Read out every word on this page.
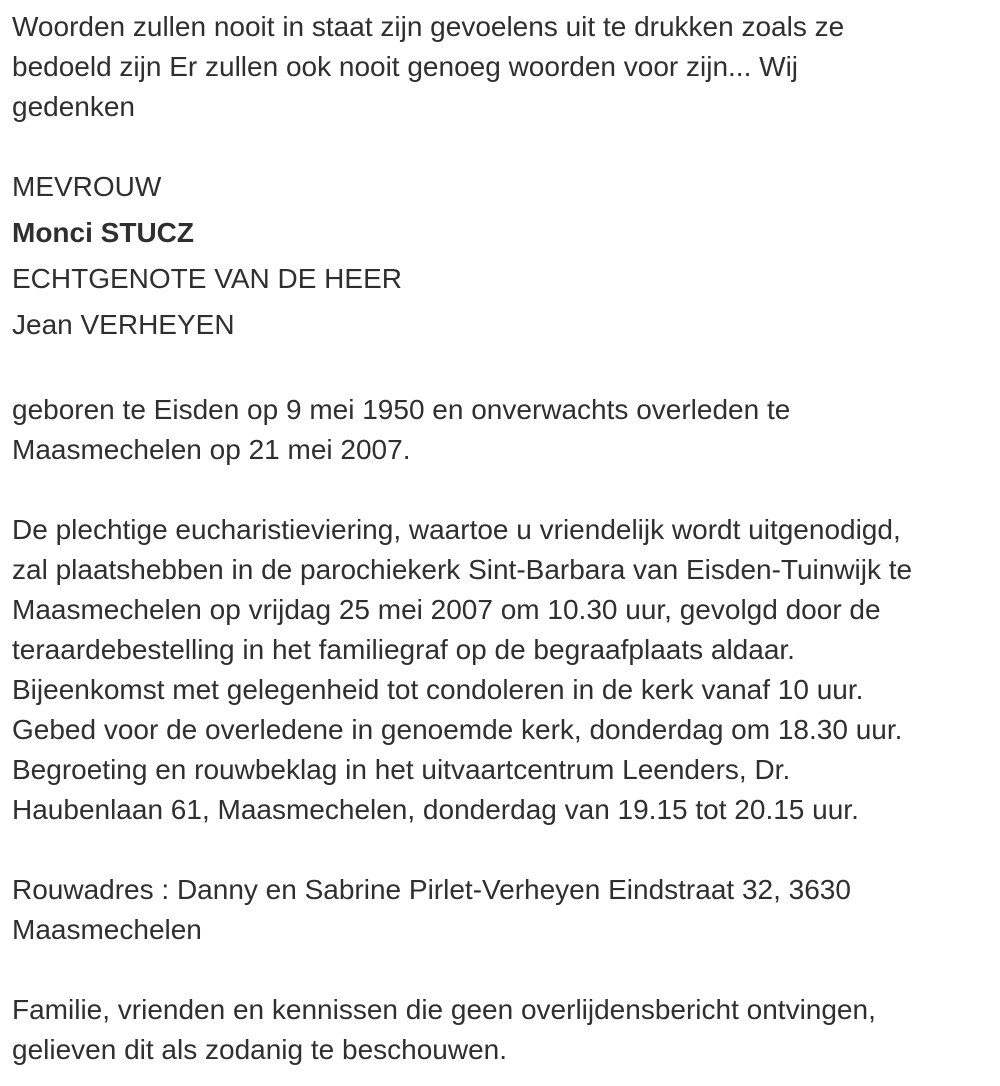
Woorden zullen nooit in staat zijn gevoelens uit te drukken zoals ze
bedoeld zijn Er zullen ook nooit genoeg woorden voor zijn... Wij
gedenken

MEVROUW

Monci STUCZ

ECHTGENOTE VAN DE HEER

Jean VERHEYEN

geboren te Eisden op 9 mei 1950 en onverwachts overleden te
Maasmechelen op 21 mei 2007.

De plechtige eucharistieviering, waartoe u vriendelijk wordt uitgenodigd,
zal plaatshebben in de parochiekerk Sint-Barbara van Eisden-Tuinwijk te
Maasmechelen op vrijdag 25 mei 2007 om 10.30 uur, gevolgd door de
teraardebestelling in het familiegraf op de begraafplaats aldaar.
Bijeenkomst met gelegenheid tot condoleren in de kerk vanaf 10 uur.
Gebed voor de overledene in genoemde kerk, donderdag om 18.30 uur.
Begroeting en rouwbeklag in het uitvaartcentrum Leenders, Dr.
Haubenlaan 61, Maasmechelen, donderdag van 19.15 tot 20.15 uur.

Rouwadres : Danny en Sabrine Pirlet-Verheyen Eindstraat 32, 3630
Maasmechelen

Familie, vrienden en kennissen die geen overlijdensbericht ontvingen,
gelieven dit als zodanig te beschouwen.
